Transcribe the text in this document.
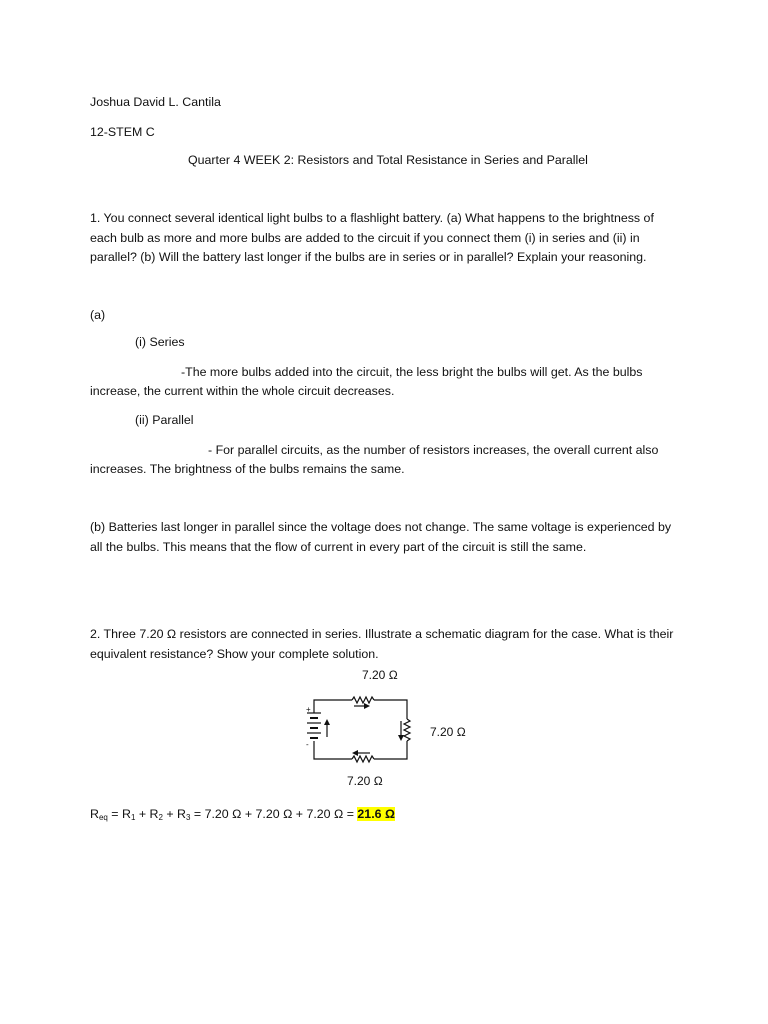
Joshua David L. Cantila
12-STEM C
Quarter 4 WEEK 2: Resistors and Total Resistance in Series and Parallel
1. You connect several identical light bulbs to a flashlight battery. (a) What happens to the brightness of each bulb as more and more bulbs are added to the circuit if you connect them (i) in series and (ii) in parallel? (b) Will the battery last longer if the bulbs are in series or in parallel? Explain your reasoning.
(a)
(i) Series
-The more bulbs added into the circuit, the less bright the bulbs will get. As the bulbs
increase, the current within the whole circuit decreases.
(ii) Parallel
- For parallel circuits, as the number of resistors increases, the overall current also
increases. The brightness of the bulbs remains the same.
(b) Batteries last longer in parallel since the voltage does not change. The same voltage is experienced by all the bulbs. This means that the flow of current in every part of the circuit is still the same.
2. Three 7.20 Ω resistors are connected in series. Illustrate a schematic diagram for the case. What is their equivalent resistance? Show your complete solution.
7.20 Ω
7.20 Ω
7.20 Ω
+
-
$R_{eq} = R_1 + R_2 + R_3 = 7.20$ Ω + 7.20 Ω + 7.20 Ω = 21.6 Ω
